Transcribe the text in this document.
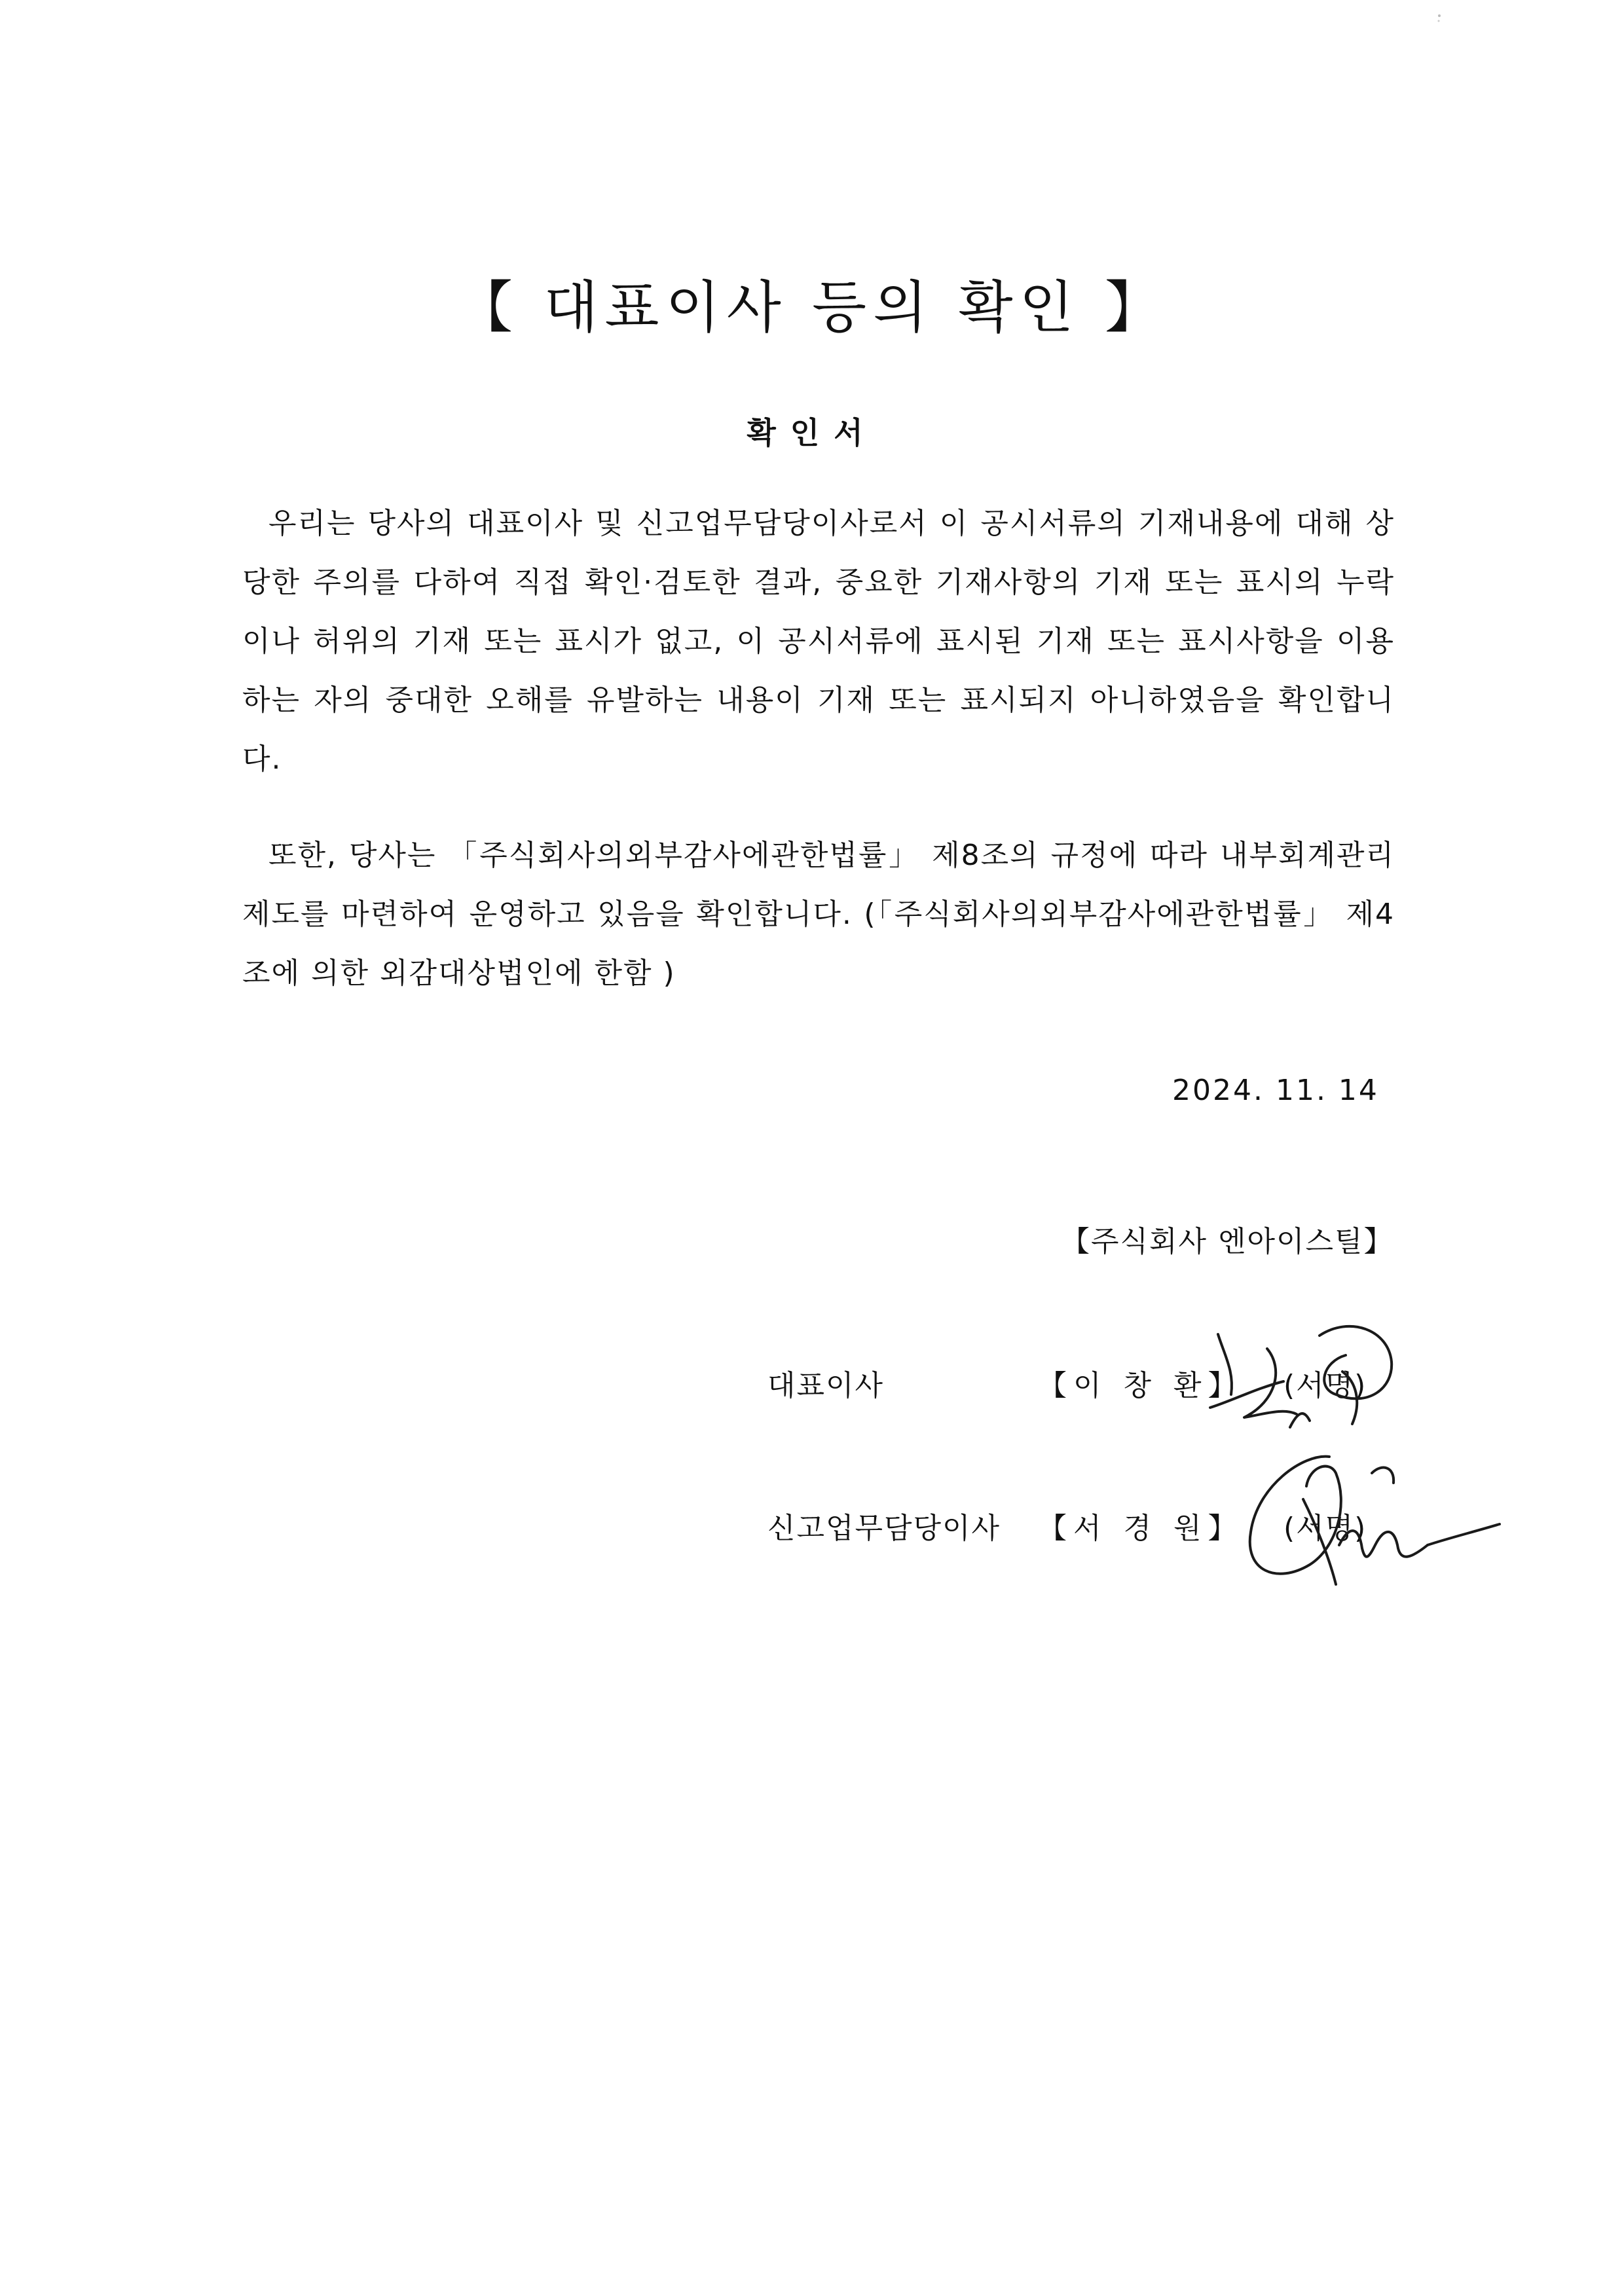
【 대표이사 등의 확인 】
확인서

우리는 당사의 대표이사 및 신고업무담당이사로서 이 공시서류의 기재내용에 대해 상당한 주의를 다하여 직접 확인·검토한 결과, 중요한 기재사항의 기재 또는 표시의 누락이나 허위의 기재 또는 표시가 없고, 이 공시서류에 표시된 기재 또는 표시사항을 이용하는 자의 중대한 오해를 유발하는 내용이 기재 또는 표시되지 아니하였음을 확인합니다.

또한, 당사는 「주식회사의외부감사에관한법률」 제8조의 규정에 따라 내부회계관리제도를 마련하여 운영하고 있음을 확인합니다. (「주식회사의외부감사에관한법률」 제4조에 의한 외감대상법인에 한함 )

2024. 11. 14
【주식회사 엔아이스틸】
대표이사	【이 창 환】 (서명)
신고업무담당이사 【서 경 원】 (서명)
